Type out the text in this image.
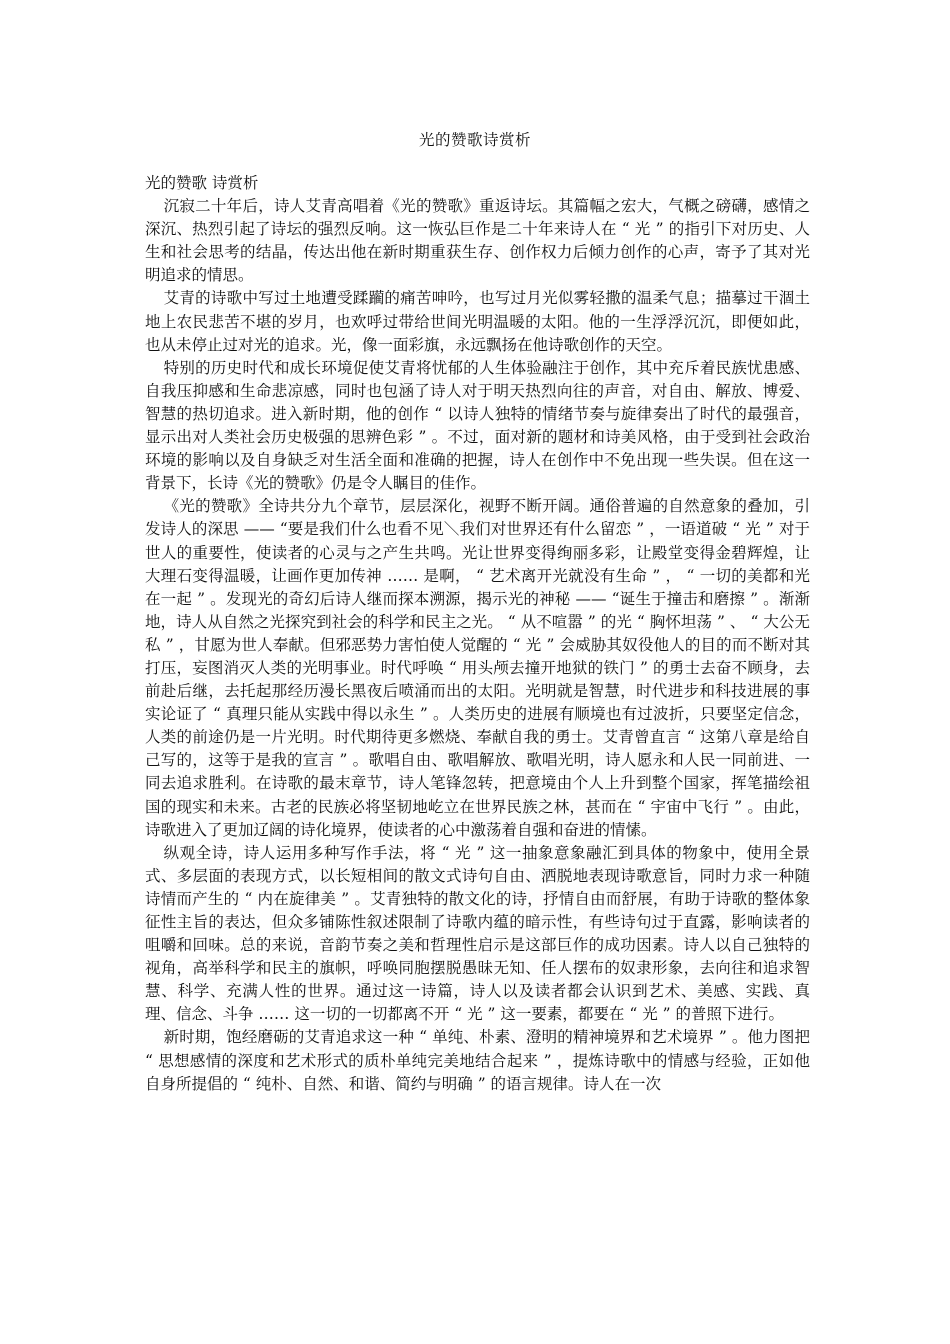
光的赞歌诗赏析
光的赞歌 诗赏析

沉寂二十年后，诗人艾青高唱着《光的赞歌》重返诗坛。其篇幅之宏大，气概之磅礴，感情之深沉、热烈引起了诗坛的强烈反响。这一恢弘巨作是二十年来诗人在 “ 光 ” 的指引下对历史、人生和社会思考的结晶，传达出他在新时期重获生存、创作权力后倾力创作的心声，寄予了其对光明追求的情思。

艾青的诗歌中写过土地遭受蹂躏的痛苦呻吟，也写过月光似雾轻撒的温柔气息；描摹过干涸土地上农民悲苦不堪的岁月，也欢呼过带给世间光明温暖的太阳。他的一生浮浮沉沉，即便如此，也从未停止过对光的追求。光，像一面彩旗，永远飘扬在他诗歌创作的天空。

特别的历史时代和成长环境促使艾青将忧郁的人生体验融注于创作，其中充斥着民族忧患感、自我压抑感和生命悲凉感，同时也包涵了诗人对于明天热烈向往的声音，对自由、解放、博爱、智慧的热切追求。进入新时期，他的创作 “ 以诗人独特的情绪节奏与旋律奏出了时代的最强音，显示出对人类社会历史极强的思辨色彩 ” 。不过，面对新的题材和诗美风格，由于受到社会政治环境的影响以及自身缺乏对生活全面和准确的把握，诗人在创作中不免出现一些失误。但在这一背景下，长诗《光的赞歌》仍是令人瞩目的佳作。

《光的赞歌》全诗共分九个章节，层层深化，视野不断开阔。通俗普遍的自然意象的叠加，引发诗人的深思 —— “要是我们什么也看不见＼我们对世界还有什么留恋 ” ，一语道破 “ 光 ” 对于世人的重要性，使读者的心灵与之产生共鸣。光让世界变得绚丽多彩，让殿堂变得金碧辉煌，让大理石变得温暖，让画作更加传神 …… 是啊， “ 艺术离开光就没有生命 ” ， “ 一切的美都和光在一起 ” 。发现光的奇幻后诗人继而探本溯源，揭示光的神秘 —— “诞生于撞击和磨擦 ” 。渐渐地，诗人从自然之光探究到社会的科学和民主之光。 “ 从不喧嚣 ” 的光 “ 胸怀坦荡 ” 、 “ 大公无私 ” ，甘愿为世人奉献。但邪恶势力害怕使人觉醒的 “ 光 ” 会威胁其奴役他人的目的而不断对其打压，妄图消灭人类的光明事业。时代呼唤 “ 用头颅去撞开地狱的铁门 ” 的勇士去奋不顾身，去前赴后继，去托起那经历漫长黑夜后喷涌而出的太阳。光明就是智慧，时代进步和科技进展的事实论证了 “ 真理只能从实践中得以永生 ” 。人类历史的进展有顺境也有过波折，只要坚定信念，人类的前途仍是一片光明。时代期待更多燃烧、奉献自我的勇士。艾青曾直言 “ 这第八章是给自己写的，这等于是我的宣言 ” 。歌唱自由、歌唱解放、歌唱光明，诗人愿永和人民一同前进、一同去追求胜利。在诗歌的最末章节，诗人笔锋忽转，把意境由个人上升到整个国家，挥笔描绘祖国的现实和未来。古老的民族必将坚韧地屹立在世界民族之林，甚而在 “ 宇宙中飞行 ” 。由此，诗歌进入了更加辽阔的诗化境界，使读者的心中激荡着自强和奋进的情愫。

纵观全诗，诗人运用多种写作手法，将 “ 光 ” 这一抽象意象融汇到具体的物象中，使用全景式、多层面的表现方式，以长短相间的散文式诗句自由、洒脱地表现诗歌意旨，同时力求一种随诗情而产生的 “ 内在旋律美 ” 。艾青独特的散文化的诗，抒情自由而舒展，有助于诗歌的整体象征性主旨的表达，但众多铺陈性叙述限制了诗歌内蕴的暗示性，有些诗句过于直露，影响读者的咀嚼和回味。总的来说，音韵节奏之美和哲理性启示是这部巨作的成功因素。诗人以自己独特的视角，高举科学和民主的旗帜，呼唤同胞摆脱愚昧无知、任人摆布的奴隶形象，去向往和追求智慧、科学、充满人性的世界。通过这一诗篇，诗人以及读者都会认识到艺术、美感、实践、真理、信念、斗争 …… 这一切的一切都离不开 “ 光 ” 这一要素，都要在 “ 光 ” 的普照下进行。

新时期，饱经磨砺的艾青追求这一种 “ 单纯、朴素、澄明的精神境界和艺术境界 ” 。他力图把 “ 思想感情的深度和艺术形式的质朴单纯完美地结合起来 ” ，提炼诗歌中的情感与经验，正如他自身所提倡的 “ 纯朴、自然、和谐、简约与明确 ” 的语言规律。诗人在一次
